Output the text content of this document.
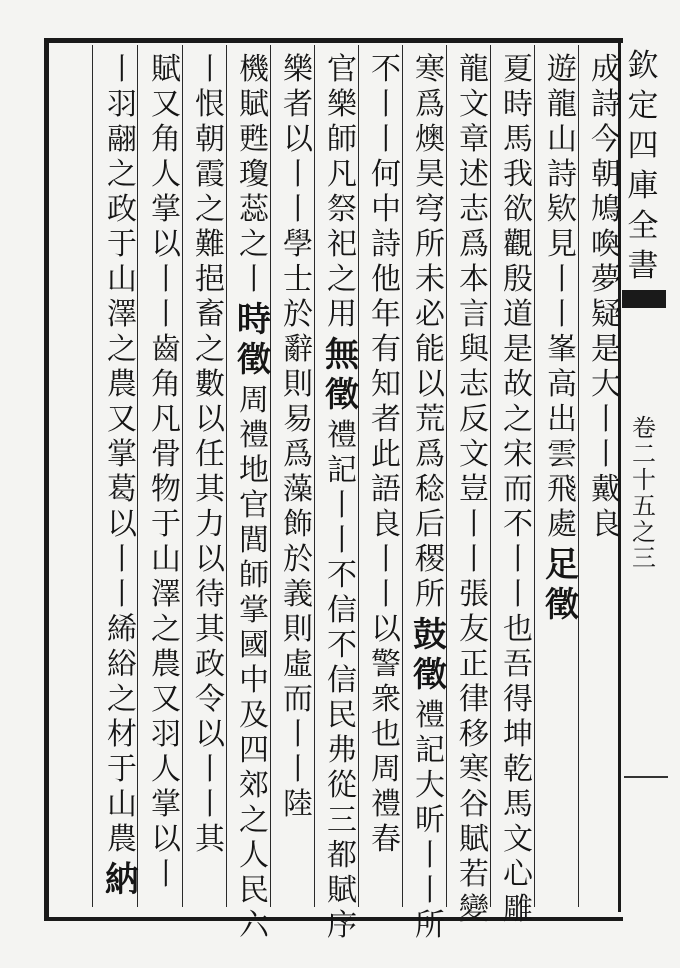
欽定四庫全書
卷二十五之三
成詩今朝鳩喚夢疑是大丨丨戴良
遊龍山詩欵見丨丨峯高出雲飛處
足徵
夏時馬我欲觀殷道是故之宋而不丨丨也吾得坤乾馬文心雕
龍文章述志爲本言與志反文豈丨丨張友正律移寒谷賦若變
寒爲燠昊穹所未必能以荒爲稔后稷所
鼓徵
禮記大昕丨丨所
不丨丨何中詩他年有知者此語良丨丨
以警衆也周禮春
官樂師凡祭祀之用
無徵
禮記丨丨不信不信民弗從三都賦序
樂者以丨丨學士
於辭則易爲藻飾於義則虛而丨丨陸
機賦甦瓊蕊之丨
時徵
周禮地官閭師掌國中及四郊之人民六
丨恨朝霞之難挹
畜之數以任其力以待其政令以丨丨其
賦又角人掌以丨丨齒角凡骨物于山澤之農又羽人掌以丨
丨羽翮之政于山澤之農又掌葛以丨丨絺綌之材于山農
納
